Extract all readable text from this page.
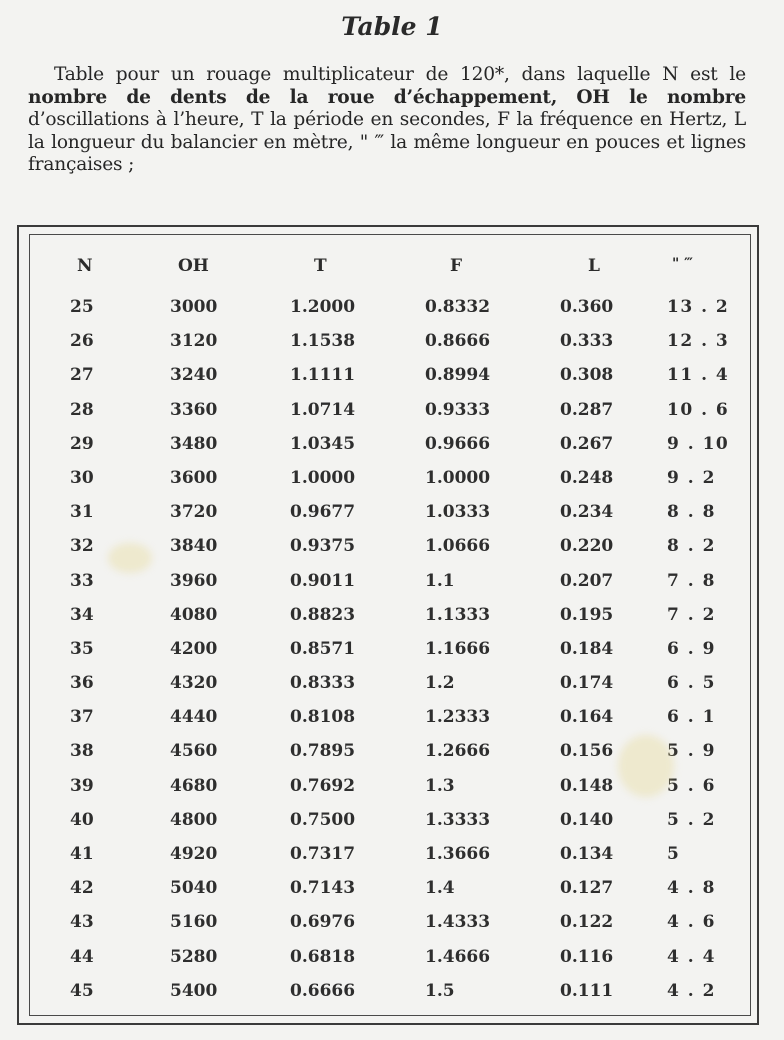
Table 1
Table pour un rouage multiplicateur de 120*, dans laquelle N est le nombre de dents de la roue d’échappement, OH le nombre d’oscillations à l’heure, T la période en secondes, F la fréquence en Hertz, L la longueur du balancier en mètre, " ‴ la même longueur en pouces et lignes françaises ;
N	OH	T	F	L	" ‴
25	3000	1.2000	0.8332	0.360	13 . 2
26	3120	1.1538	0.8666	0.333	12 . 3
27	3240	1.1111	0.8994	0.308	11 . 4
28	3360	1.0714	0.9333	0.287	10 . 6
29	3480	1.0345	0.9666	0.267	9 . 10
30	3600	1.0000	1.0000	0.248	9 . 2
31	3720	0.9677	1.0333	0.234	8 . 8
32	3840	0.9375	1.0666	0.220	8 . 2
33	3960	0.9011	1.1	0.207	7 . 8
34	4080	0.8823	1.1333	0.195	7 . 2
35	4200	0.8571	1.1666	0.184	6 . 9
36	4320	0.8333	1.2	0.174	6 . 5
37	4440	0.8108	1.2333	0.164	6 . 1
38	4560	0.7895	1.2666	0.156	5 . 9
39	4680	0.7692	1.3	0.148	5 . 6
40	4800	0.7500	1.3333	0.140	5 . 2
41	4920	0.7317	1.3666	0.134	5
42	5040	0.7143	1.4	0.127	4 . 8
43	5160	0.6976	1.4333	0.122	4 . 6
44	5280	0.6818	1.4666	0.116	4 . 4
45	5400	0.6666	1.5	0.111	4 . 2
